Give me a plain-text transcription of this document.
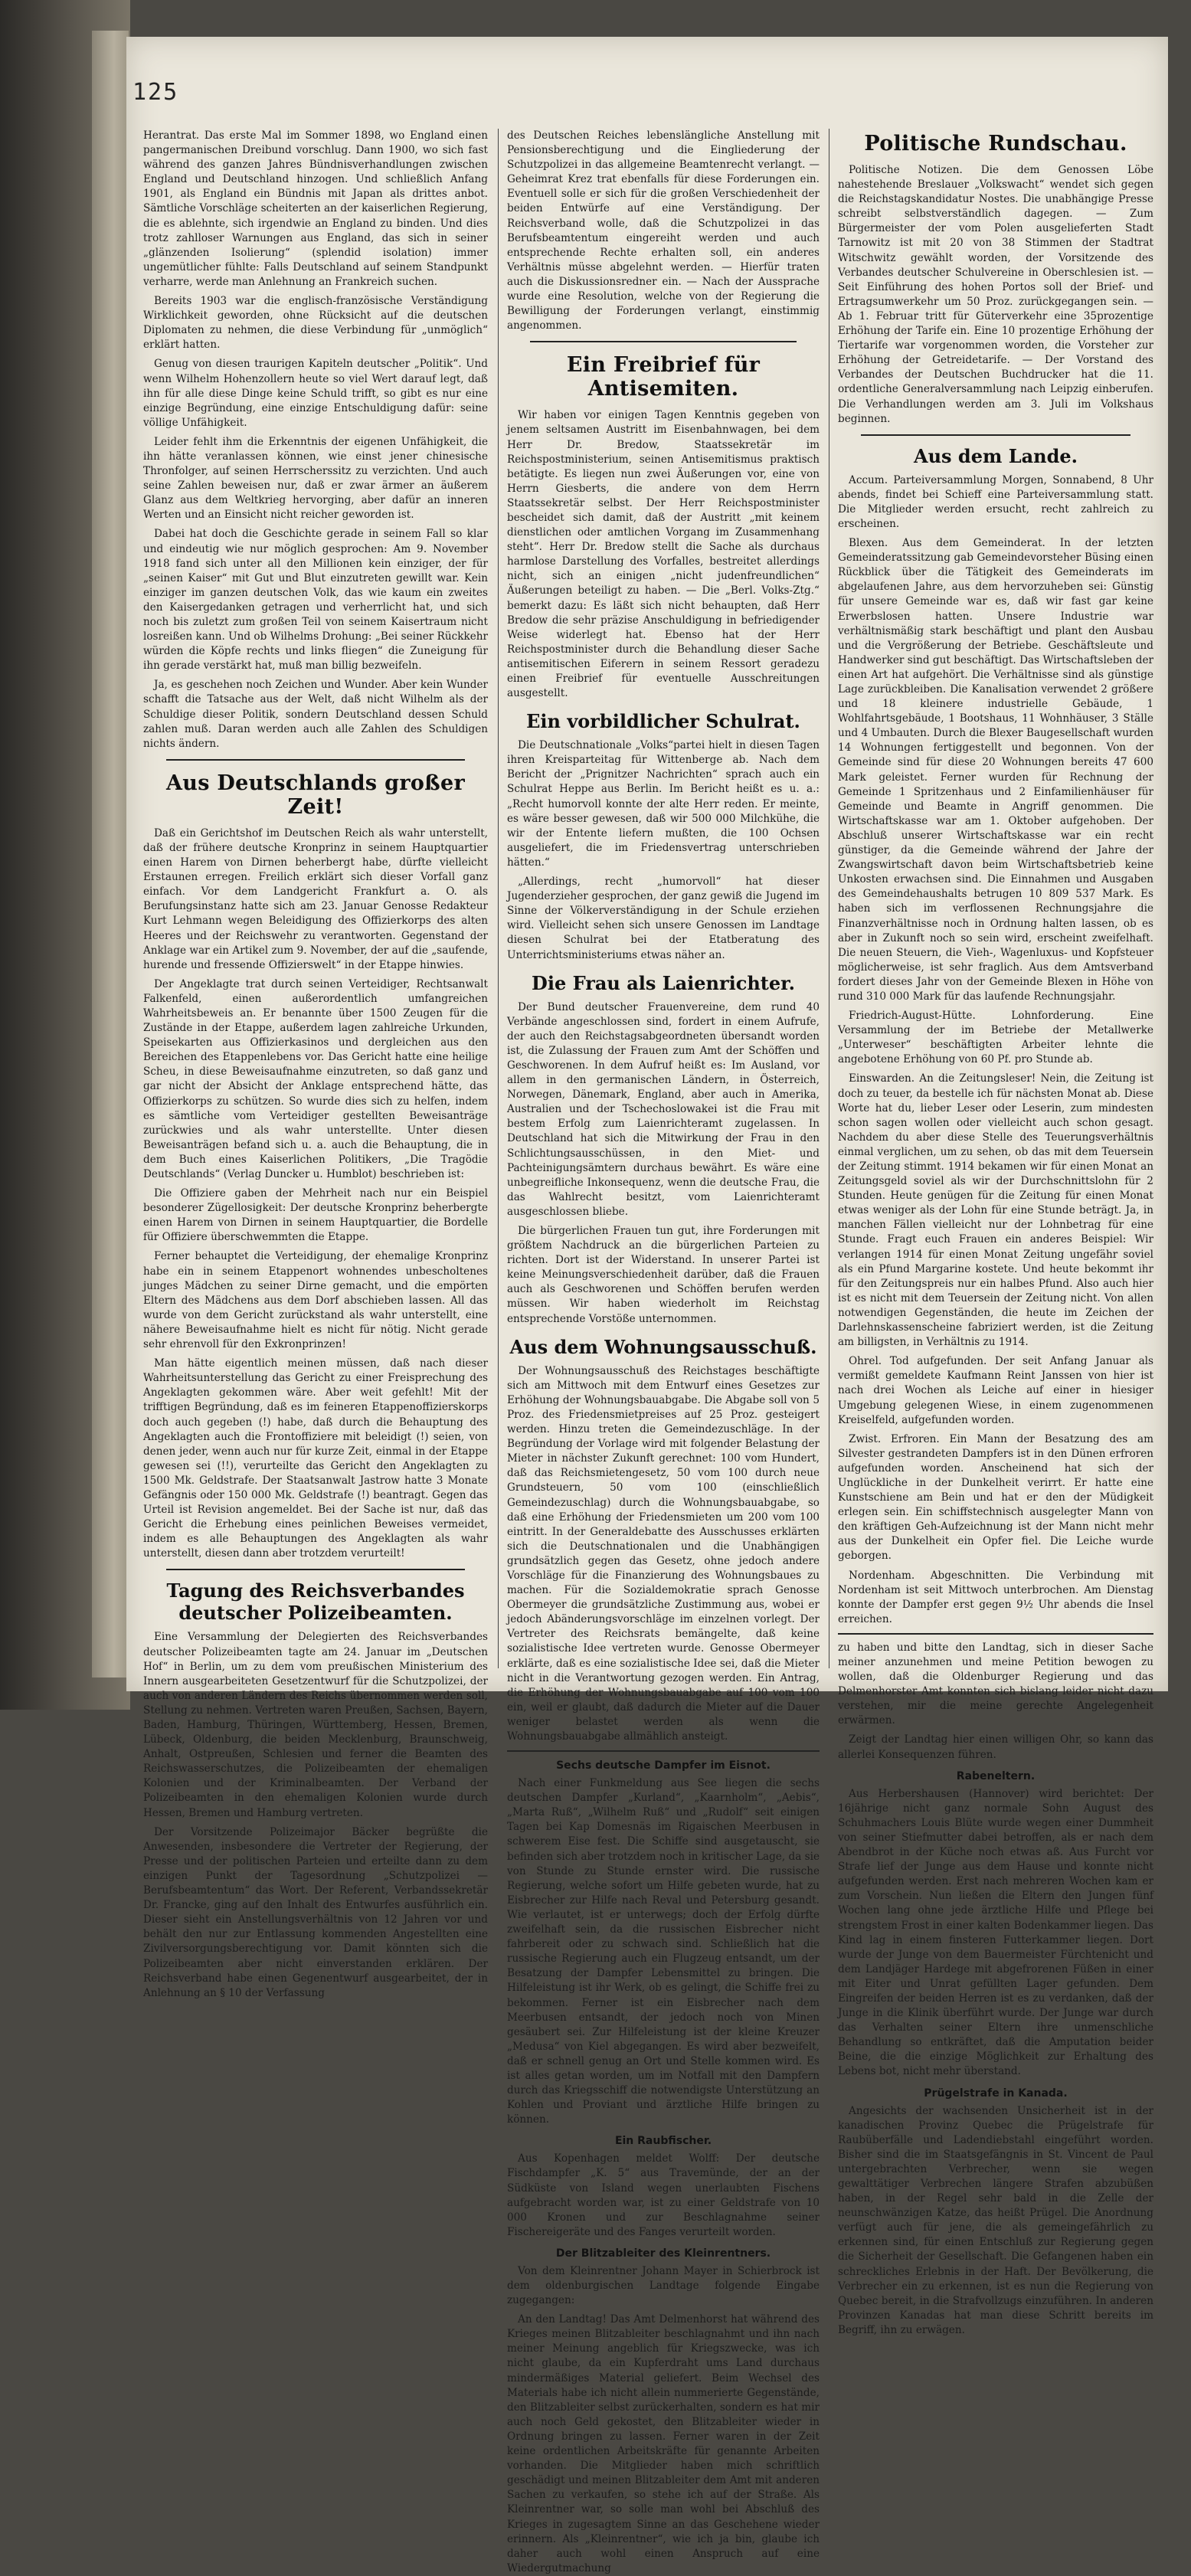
125

Herantrat. Das erste Mal im Sommer 1898, wo England einen pangermanischen Dreibund vorschlug. Dann 1900, wo sich fast während des ganzen Jahres Bündnisverhandlungen zwischen England und Deutschland hinzogen. Und schließlich Anfang 1901, als England ein Bündnis mit Japan als drittes anbot. Sämtliche Vorschläge scheiterten an der kaiserlichen Regierung, die es ablehnte, sich irgendwie an England zu binden. Und dies trotz zahlloser Warnungen aus England, das sich in seiner „glänzenden Isolierung“ (splendid isolation) immer ungemütlicher fühlte: Falls Deutschland auf seinem Standpunkt verharre, werde man Anlehnung an Frankreich suchen.

Bereits 1903 war die englisch-französische Verständigung Wirklichkeit geworden, ohne Rücksicht auf die deutschen Diplomaten zu nehmen, die diese Verbindung für „unmöglich“ erklärt hatten.

Genug von diesen traurigen Kapiteln deutscher „Politik“. Und wenn Wilhelm Hohenzollern heute so viel Wert darauf legt, daß ihn für alle diese Dinge keine Schuld trifft, so gibt es nur eine einzige Begründung, eine einzige Entschuldigung dafür: seine völlige Unfähigkeit.

Leider fehlt ihm die Erkenntnis der eigenen Unfähigkeit, die ihn hätte veranlassen können, wie einst jener chinesische Thronfolger, auf seinen Herrscherssitz zu verzichten. Und auch seine Zahlen beweisen nur, daß er zwar ärmer an äußerem Glanz aus dem Weltkrieg hervorging, aber dafür an inneren Werten und an Einsicht nicht reicher geworden ist.

Dabei hat doch die Geschichte gerade in seinem Fall so klar und eindeutig wie nur möglich gesprochen: Am 9. November 1918 fand sich unter all den Millionen kein einziger, der für „seinen Kaiser“ mit Gut und Blut einzutreten gewillt war. Kein einziger im ganzen deutschen Volk, das wie kaum ein zweites den Kaisergedanken getragen und verherrlicht hat, und sich noch bis zuletzt zum großen Teil von seinem Kaisertraum nicht losreißen kann. Und ob Wilhelms Drohung: „Bei seiner Rückkehr würden die Köpfe rechts und links fliegen“ die Zuneigung für ihn gerade verstärkt hat, muß man billig bezweifeln.

Ja, es geschehen noch Zeichen und Wunder. Aber kein Wunder schafft die Tatsache aus der Welt, daß nicht Wilhelm als der Schuldige dieser Politik, sondern Deutschland dessen Schuld zahlen muß. Daran werden auch alle Zahlen des Schuldigen nichts ändern.

Aus Deutschlands großer Zeit!

Daß ein Gerichtshof im Deutschen Reich als wahr unterstellt, daß der frühere deutsche Kronprinz in seinem Hauptquartier einen Harem von Dirnen beherbergt habe, dürfte vielleicht Erstaunen erregen. Freilich erklärt sich dieser Vorfall ganz einfach. Vor dem Landgericht Frankfurt a. O. als Berufungsinstanz hatte sich am 23. Januar Genosse Redakteur Kurt Lehmann wegen Beleidigung des Offizierkorps des alten Heeres und der Reichswehr zu verantworten. Gegenstand der Anklage war ein Artikel zum 9. November, der auf die „saufende, hurende und fressende Offizierswelt“ in der Etappe hinwies.

Der Angeklagte trat durch seinen Verteidiger, Rechtsanwalt Falkenfeld, einen außerordentlich umfangreichen Wahrheitsbeweis an. Er benannte über 1500 Zeugen für die Zustände in der Etappe, außerdem lagen zahlreiche Urkunden, Speisekarten aus Offizierkasinos und dergleichen aus den Bereichen des Etappenlebens vor. Das Gericht hatte eine heilige Scheu, in diese Beweisaufnahme einzutreten, so daß ganz und gar nicht der Absicht der Anklage entsprechend hätte, das Offizierkorps zu schützen. So wurde dies sich zu helfen, indem es sämtliche vom Verteidiger gestellten Beweisanträge zurückwies und als wahr unterstellte. Unter diesen Beweisanträgen befand sich u. a. auch die Behauptung, die in dem Buch eines Kaiserlichen Politikers, „Die Tragödie Deutschlands“ (Verlag Duncker u. Humblot) beschrieben ist:

Die Offiziere gaben der Mehrheit nach nur ein Beispiel besonderer Zügellosigkeit: Der deutsche Kronprinz beherbergte einen Harem von Dirnen in seinem Hauptquartier, die Bordelle für Offiziere überschwemmten die Etappe.

Ferner behauptet die Verteidigung, der ehemalige Kronprinz habe ein in seinem Etappenort wohnendes unbescholtenes junges Mädchen zu seiner Dirne gemacht, und die empörten Eltern des Mädchens aus dem Dorf abschieben lassen. All das wurde von dem Gericht zurückstand als wahr unterstellt, eine nähere Beweisaufnahme hielt es nicht für nötig. Nicht gerade sehr ehrenvoll für den Exkronprinzen!

Man hätte eigentlich meinen müssen, daß nach dieser Wahrheitsunterstellung das Gericht zu einer Freisprechung des Angeklagten gekommen wäre. Aber weit gefehlt! Mit der trifftigen Begründung, daß es im feineren Etappenoffizierskorps doch auch gegeben (!) habe, daß durch die Behauptung des Angeklagten auch die Frontoffiziere mit beleidigt (!) seien, von denen jeder, wenn auch nur für kurze Zeit, einmal in der Etappe gewesen sei (!!), verurteilte das Gericht den Angeklagten zu 1500 Mk. Geldstrafe. Der Staatsanwalt Jastrow hatte 3 Monate Gefängnis oder 150 000 Mk. Geldstrafe (!) beantragt. Gegen das Urteil ist Revision angemeldet. Bei der Sache ist nur, daß das Gericht die Erhebung eines peinlichen Beweises vermeidet, indem es alle Behauptungen des Angeklagten als wahr unterstellt, diesen dann aber trotzdem verurteilt!

Tagung des Reichsverbandes deutscher Polizeibeamten.

Eine Versammlung der Delegierten des Reichsverbandes deutscher Polizeibeamten tagte am 24. Januar im „Deutschen Hof“ in Berlin, um zu dem vom preußischen Ministerium des Innern ausgearbeiteten Gesetzentwurf für die Schutzpolizei, der auch von anderen Ländern des Reichs übernommen werden soll, Stellung zu nehmen. Vertreten waren Preußen, Sachsen, Bayern, Baden, Hamburg, Thüringen, Württemberg, Hessen, Bremen, Lübeck, Oldenburg, die beiden Mecklenburg, Braunschweig, Anhalt, Ostpreußen, Schlesien und ferner die Beamten des Reichswasserschutzes, die Polizeibeamten der ehemaligen Kolonien und der Kriminalbeamten. Der Verband der Polizeibeamten in den ehemaligen Kolonien wurde durch Hessen, Bremen und Hamburg vertreten.

Der Vorsitzende Polizeimajor Bäcker begrüßte die Anwesenden, insbesondere die Vertreter der Regierung, der Presse und der politischen Parteien und erteilte dann zu dem einzigen Punkt der Tagesordnung „Schutzpolizei — Berufsbeamtentum“ das Wort. Der Referent, Verbandssekretär Dr. Francke, ging auf den Inhalt des Entwurfes ausführlich ein. Dieser sieht ein Anstellungsverhältnis von 12 Jahren vor und behält den nur zur Entlassung kommenden Angestellten eine Zivilversorgungsberechtigung vor. Damit könnten sich die Polizeibeamten aber nicht einverstanden erklären. Der Reichsverband habe einen Gegenentwurf ausgearbeitet, der in Anlehnung an § 10 der Verfassung

des Deutschen Reiches lebenslängliche Anstellung mit Pensionsberechtigung und die Eingliederung der Schutzpolizei in das allgemeine Beamtenrecht verlangt. — Geheimrat Krez trat ebenfalls für diese Forderungen ein. Eventuell solle er sich für die großen Verschiedenheit der beiden Entwürfe auf eine Verständigung. Der Reichsverband wolle, daß die Schutzpolizei in das Berufsbeamtentum eingereiht werden und auch entsprechende Rechte erhalten soll, ein anderes Verhältnis müsse abgelehnt werden. — Hierfür traten auch die Diskussionsredner ein. — Nach der Aussprache wurde eine Resolution, welche von der Regierung die Bewilligung der Forderungen verlangt, einstimmig angenommen.

Ein Freibrief für Antisemiten.

Wir haben vor einigen Tagen Kenntnis gegeben von jenem seltsamen Austritt im Eisenbahnwagen, bei dem Herr Dr. Bredow, Staatssekretär im Reichspostministerium, seinen Antisemitismus praktisch betätigte. Es liegen nun zwei Äußerungen vor, eine von Herrn Giesberts, die andere von dem Herrn Staatssekretär selbst. Der Herr Reichspostminister bescheidet sich damit, daß der Austritt „mit keinem dienstlichen oder amtlichen Vorgang im Zusammenhang steht“. Herr Dr. Bredow stellt die Sache als durchaus harmlose Darstellung des Vorfalles, bestreitet allerdings nicht, sich an einigen „nicht judenfreundlichen“ Äußerungen beteiligt zu haben. — Die „Berl. Volks-Ztg.“ bemerkt dazu: Es läßt sich nicht behaupten, daß Herr Bredow die sehr präzise Anschuldigung in befriedigender Weise widerlegt hat. Ebenso hat der Herr Reichspostminister durch die Behandlung dieser Sache antisemitischen Eiferern in seinem Ressort geradezu einen Freibrief für eventuelle Ausschreitungen ausgestellt.

Ein vorbildlicher Schulrat.

Die Deutschnationale „Volks“partei hielt in diesen Tagen ihren Kreisparteitag für Wittenberge ab. Nach dem Bericht der „Prignitzer Nachrichten“ sprach auch ein Schulrat Heppe aus Berlin. Im Bericht heißt es u. a.: „Recht humorvoll konnte der alte Herr reden. Er meinte, es wäre besser gewesen, daß wir 500 000 Milchkühe, die wir der Entente liefern mußten, die 100 Ochsen ausgeliefert, die im Friedensvertrag unterschrieben hätten.“

„Allerdings, recht „humorvoll“ hat dieser Jugenderzieher gesprochen, der ganz gewiß die Jugend im Sinne der Völkerverständigung in der Schule erziehen wird. Vielleicht sehen sich unsere Genossen im Landtage diesen Schulrat bei der Etatberatung des Unterrichtsministeriums etwas näher an.

Die Frau als Laienrichter.

Der Bund deutscher Frauenvereine, dem rund 40 Verbände angeschlossen sind, fordert in einem Aufrufe, der auch den Reichstagsabgeordneten übersandt worden ist, die Zulassung der Frauen zum Amt der Schöffen und Geschworenen. In dem Aufruf heißt es: Im Ausland, vor allem in den germanischen Ländern, in Österreich, Norwegen, Dänemark, England, aber auch in Amerika, Australien und der Tschechoslowakei ist die Frau mit bestem Erfolg zum Laienrichteramt zugelassen. In Deutschland hat sich die Mitwirkung der Frau in den Schlichtungsausschüssen, in den Miet- und Pachteinigungsämtern durchaus bewährt. Es wäre eine unbegreifliche Inkonsequenz, wenn die deutsche Frau, die das Wahlrecht besitzt, vom Laienrichteramt ausgeschlossen bliebe.

Die bürgerlichen Frauen tun gut, ihre Forderungen mit größtem Nachdruck an die bürgerlichen Parteien zu richten. Dort ist der Widerstand. In unserer Partei ist keine Meinungsverschiedenheit darüber, daß die Frauen auch als Geschworenen und Schöffen berufen werden müssen. Wir haben wiederholt im Reichstag entsprechende Vorstöße unternommen.

Aus dem Wohnungsausschuß.

Der Wohnungsausschuß des Reichstages beschäftigte sich am Mittwoch mit dem Entwurf eines Gesetzes zur Erhöhung der Wohnungsbauabgabe. Die Abgabe soll von 5 Proz. des Friedensmietpreises auf 25 Proz. gesteigert werden. Hinzu treten die Gemeindezuschläge. In der Begründung der Vorlage wird mit folgender Belastung der Mieter in nächster Zukunft gerechnet: 100 vom Hundert, daß das Reichsmietengesetz, 50 vom 100 durch neue Grundsteuern, 50 vom 100 (einschließlich Gemeindezuschlag) durch die Wohnungsbauabgabe, so daß eine Erhöhung der Friedensmieten um 200 vom 100 eintritt. In der Generaldebatte des Ausschusses erklärten sich die Deutschnationalen und die Unabhängigen grundsätzlich gegen das Gesetz, ohne jedoch andere Vorschläge für die Finanzierung des Wohnungsbaues zu machen. Für die Sozialdemokratie sprach Genosse Obermeyer die grundsätzliche Zustimmung aus, wobei er jedoch Abänderungsvorschläge im einzelnen vorlegt. Der Vertreter des Reichsrats bemängelte, daß keine sozialistische Idee vertreten wurde. Genosse Obermeyer erklärte, daß es eine sozialistische Idee sei, daß die Mieter nicht in die Verantwortung gezogen werden. Ein Antrag, die Erhöhung der Wohnungsbauabgabe auf 100 vom 100 ein, weil er glaubt, daß dadurch die Mieter auf die Dauer weniger belastet werden als wenn die Wohnungsbauabgabe allmählich ansteigt.

Sechs deutsche Dampfer im Eisnot.

Nach einer Funkmeldung aus See liegen die sechs deutschen Dampfer „Kurland“, „Kaarnholm“, „Aebis“, „Marta Ruß“, „Wilhelm Ruß“ und „Rudolf“ seit einigen Tagen bei Kap Domesnäs im Rigaischen Meerbusen in schwerem Eise fest. Die Schiffe sind ausgetauscht, sie befinden sich aber trotzdem noch in kritischer Lage, da sie von Stunde zu Stunde ernster wird. Die russische Regierung, welche sofort um Hilfe gebeten wurde, hat zu Eisbrecher zur Hilfe nach Reval und Petersburg gesandt. Wie verlautet, ist er unterwegs; doch der Erfolg dürfte zweifelhaft sein, da die russischen Eisbrecher nicht fahrbereit oder zu schwach sind. Schließlich hat die russische Regierung auch ein Flugzeug entsandt, um der Besatzung der Dampfer Lebensmittel zu bringen. Die Hilfeleistung ist ihr Werk, ob es gelingt, die Schiffe frei zu bekommen. Ferner ist ein Eisbrecher nach dem Meerbusen entsandt, der jedoch noch von Minen gesäubert sei. Zur Hilfeleistung ist der kleine Kreuzer „Medusa“ von Kiel abgegangen. Es wird aber bezweifelt, daß er schnell genug an Ort und Stelle kommen wird. Es ist alles getan worden, um im Notfall mit den Dampfern durch das Kriegsschiff die notwendigste Unterstützung an Kohlen und Proviant und ärztliche Hilfe bringen zu können.

Ein Raubfischer.

Aus Kopenhagen meldet Wolff: Der deutsche Fischdampfer „K. 5“ aus Travemünde, der an der Südküste von Island wegen unerlaubten Fischens aufgebracht worden war, ist zu einer Geldstrafe von 10 000 Kronen und zur Beschlagnahme seiner Fischereigeräte und des Fanges verurteilt worden.

Der Blitzableiter des Kleinrentners.

Von dem Kleinrentner Johann Mayer in Schierbrock ist dem oldenburgischen Landtage folgende Eingabe zugegangen:

An den Landtag! Das Amt Delmenhorst hat während des Krieges meinen Blitzableiter beschlagnahmt und ihn nach meiner Meinung angeblich für Kriegszwecke, was ich nicht glaube, da ein Kupferdraht ums Land durchaus mindermäßiges Material geliefert. Beim Wechsel des Materials habe ich nicht allein nummerierte Gegenstände, den Blitzableiter selbst zurückerhalten, sondern es hat mir auch noch Geld gekostet, den Blitzableiter wieder in Ordnung bringen zu lassen. Ferner waren in der Zeit keine ordentlichen Arbeitskräfte für genannte Arbeiten vorhanden. Die Mitglieder haben mich schriftlich geschädigt und meinen Blitzableiter dem Amt mit anderen Sachen zu verkaufen, so stehe ich auf der Straße. Als Kleinrentner war, so solle man wohl bei Abschluß des Krieges in zugesagtem Sinne an das Geschehene wieder erinnern. Als „Kleinrentner“, wie ich ja bin, glaube ich daher auch wohl einen Anspruch auf eine Wiedergutmachung

Politische Rundschau.

Politische Notizen. Die dem Genossen Löbe nahestehende Breslauer „Volkswacht“ wendet sich gegen die Reichstagskandidatur Nostes. Die unabhängige Presse schreibt selbstverständlich dagegen. — Zum Bürgermeister der vom Polen ausgelieferten Stadt Tarnowitz ist mit 20 von 38 Stimmen der Stadtrat Witschwitz gewählt worden, der Vorsitzende des Verbandes deutscher Schulvereine in Oberschlesien ist. — Seit Einführung des hohen Portos soll der Brief- und Ertragsumwerkehr um 50 Proz. zurückgegangen sein. — Ab 1. Februar tritt für Güterverkehr eine 35prozentige Erhöhung der Tarife ein. Eine 10 prozentige Erhöhung der Tiertarife war vorgenommen worden, die Vorsteher zur Erhöhung der Getreidetarife. — Der Vorstand des Verbandes der Deutschen Buchdrucker hat die 11. ordentliche Generalversammlung nach Leipzig einberufen. Die Verhandlungen werden am 3. Juli im Volkshaus beginnen.

Aus dem Lande.

Accum. Parteiversammlung Morgen, Sonnabend, 8 Uhr abends, findet bei Schieff eine Parteiversammlung statt. Die Mitglieder werden ersucht, recht zahlreich zu erscheinen.

Blexen. Aus dem Gemeinderat. In der letzten Gemeinderatssitzung gab Gemeindevorsteher Büsing einen Rückblick über die Tätigkeit des Gemeinderats im abgelaufenen Jahre, aus dem hervorzuheben sei: Günstig für unsere Gemeinde war es, daß wir fast gar keine Erwerbslosen hatten. Unsere Industrie war verhältnismäßig stark beschäftigt und plant den Ausbau und die Vergrößerung der Betriebe. Geschäftsleute und Handwerker sind gut beschäftigt. Das Wirtschaftsleben der einen Art hat aufgehört. Die Verhältnisse sind als günstige Lage zurückbleiben. Die Kanalisation verwendet 2 größere und 18 kleinere industrielle Gebäude, 1 Wohlfahrtsgebäude, 1 Bootshaus, 11 Wohnhäuser, 3 Ställe und 4 Umbauten. Durch die Blexer Baugesellschaft wurden 14 Wohnungen fertiggestellt und begonnen. Von der Gemeinde sind für diese 20 Wohnungen bereits 47 600 Mark geleistet. Ferner wurden für Rechnung der Gemeinde 1 Spritzenhaus und 2 Einfamilienhäuser für Gemeinde und Beamte in Angriff genommen. Die Wirtschaftskasse war am 1. Oktober aufgehoben. Der Abschluß unserer Wirtschaftskasse war ein recht günstiger, da die Gemeinde während der Jahre der Zwangswirtschaft davon beim Wirtschaftsbetrieb keine Unkosten erwachsen sind. Die Einnahmen und Ausgaben des Gemeindehaushalts betrugen 10 809 537 Mark. Es haben sich im verflossenen Rechnungsjahre die Finanzverhältnisse noch in Ordnung halten lassen, ob es aber in Zukunft noch so sein wird, erscheint zweifelhaft. Die neuen Steuern, die Vieh-, Wagenluxus- und Kopfsteuer möglicherweise, ist sehr fraglich. Aus dem Amtsverband fordert dieses Jahr von der Gemeinde Blexen in Höhe von rund 310 000 Mark für das laufende Rechnungsjahr.

Friedrich-August-Hütte. Lohnforderung. Eine Versammlung der im Betriebe der Metallwerke „Unterweser“ beschäftigten Arbeiter lehnte die angebotene Erhöhung von 60 Pf. pro Stunde ab.

Einswarden. An die Zeitungsleser! Nein, die Zeitung ist doch zu teuer, da bestelle ich für nächsten Monat ab. Diese Worte hat du, lieber Leser oder Leserin, zum mindesten schon sagen wollen oder vielleicht auch schon gesagt. Nachdem du aber diese Stelle des Teuerungsverhältnis einmal verglichen, um zu sehen, ob das mit dem Teuersein der Zeitung stimmt. 1914 bekamen wir für einen Monat an Zeitungsgeld soviel als wir der Durchschnittslohn für 2 Stunden. Heute genügen für die Zeitung für einen Monat etwas weniger als der Lohn für eine Stunde beträgt. Ja, in manchen Fällen vielleicht nur der Lohnbetrag für eine Stunde. Fragt euch Frauen ein anderes Beispiel: Wir verlangen 1914 für einen Monat Zeitung ungefähr soviel als ein Pfund Margarine kostete. Und heute bekommt ihr für den Zeitungspreis nur ein halbes Pfund. Also auch hier ist es nicht mit dem Teuersein der Zeitung nicht. Von allen notwendigen Gegenständen, die heute im Zeichen der Darlehnskassenscheine fabriziert werden, ist die Zeitung am billigsten, in Verhältnis zu 1914.

Ohrel. Tod aufgefunden. Der seit Anfang Januar als vermißt gemeldete Kaufmann Reint Janssen von hier ist nach drei Wochen als Leiche auf einer in hiesiger Umgebung gelegenen Wiese, in einem zugenommenen Kreiselfeld, aufgefunden worden.

Zwist. Erfroren. Ein Mann der Besatzung des am Silvester gestrandeten Dampfers ist in den Dünen erfroren aufgefunden worden. Anscheinend hat sich der Unglückliche in der Dunkelheit verirrt. Er hatte eine Kunstschiene am Bein und hat er den der Müdigkeit erlegen sein. Ein schiffstechnisch ausgelegter Mann von den kräftigen Geh-Aufzeichnung ist der Mann nicht mehr aus der Dunkelheit ein Opfer fiel. Die Leiche wurde geborgen.

Nordenham. Abgeschnitten. Die Verbindung mit Nordenham ist seit Mittwoch unterbrochen. Am Dienstag konnte der Dampfer erst gegen 9½ Uhr abends die Insel erreichen.

zu haben und bitte den Landtag, sich in dieser Sache meiner anzunehmen und meine Petition bewogen zu wollen, daß die Oldenburger Regierung und das Delmenhorster Amt konnten sich bislang leider nicht dazu verstehen, mir die meine gerechte Angelegenheit erwärmen.

Zeigt der Landtag hier einen willigen Ohr, so kann das allerlei Konsequenzen führen.

Rabeneltern.

Aus Herbershausen (Hannover) wird berichtet: Der 16jährige nicht ganz normale Sohn August des Schuhmachers Louis Blüte wurde wegen einer Dummheit von seiner Stiefmutter dabei betroffen, als er nach dem Abendbrot in der Küche noch etwas aß. Aus Furcht vor Strafe lief der Junge aus dem Hause und konnte nicht aufgefunden werden. Erst nach mehreren Wochen kam er zum Vorschein. Nun ließen die Eltern den Jungen fünf Wochen lang ohne jede ärztliche Hilfe und Pflege bei strengstem Frost in einer kalten Bodenkammer liegen. Das Kind lag in einem finsteren Futterkammer liegen. Dort wurde der Junge von dem Bauermeister Fürchtenicht und dem Landjäger Hardege mit abgefrorenen Füßen in einer mit Eiter und Unrat gefüllten Lager gefunden. Dem Eingreifen der beiden Herren ist es zu verdanken, daß der Junge in die Klinik überführt wurde. Der Junge war durch das Verhalten seiner Eltern ihre unmenschliche Behandlung so entkräftet, daß die Amputation beider Beine, die die einzige Möglichkeit zur Erhaltung des Lebens bot, nicht mehr überstand.

Prügelstrafe in Kanada.

Angesichts der wachsenden Unsicherheit ist in der kanadischen Provinz Quebec die Prügelstrafe für Raubüberfälle und Ladendiebstahl eingeführt worden. Bisher sind die im Staatsgefängnis in St. Vincent de Paul untergebrachten Verbrecher, wenn sie wegen gewalttätiger Verbrechen längere Strafen abzubüßen haben, in der Regel sehr bald in die Zelle der neunschwänzigen Katze, das heißt Prügel. Die Anordnung verfügt auch für jene, die als gemeingefährlich zu erkennen sind, für einen Entschluß zur Regierung gegen die Sicherheit der Gesellschaft. Die Gefangenen haben ein schreckliches Erlebnis in der Haft. Der Bevölkerung, die Verbrecher ein zu erkennen, ist es nun die Regierung von Quebec bereit, in die Strafvollzugs einzuführen. In anderen Provinzen Kanadas hat man diese Schritt bereits im Begriff, ihn zu erwägen.
